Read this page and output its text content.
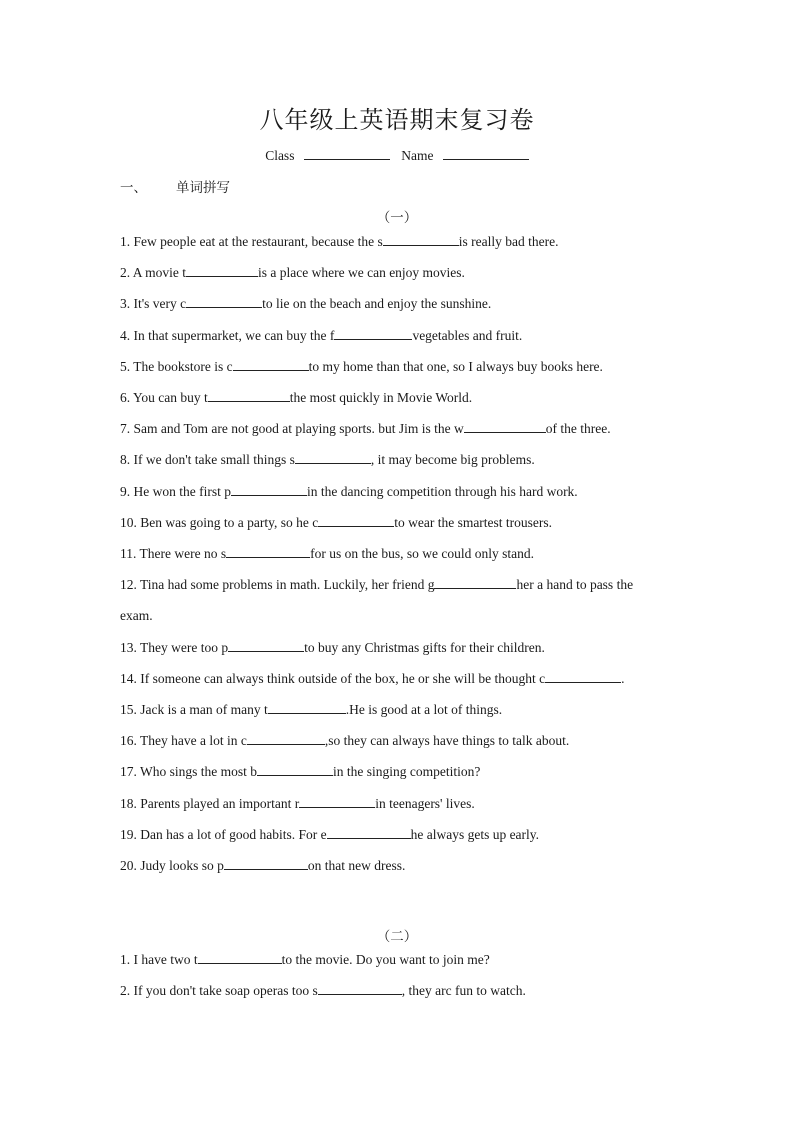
八年级上英语期末复习卷
Class	Name
一、 单词拼写
（一）
1. Few people eat at the restaurant, because the s	is really bad there.
2. A movie t	is a place where we can enjoy movies.
3. It's very c	to lie on the beach and enjoy the sunshine.
4. In that supermarket, we can buy the f	vegetables and fruit.
5. The bookstore is c	to my home than that one, so I always buy books here.
6. You can buy t	the most quickly in Movie World.
7. Sam and Tom are not good at playing sports. but Jim is the w	of the three.
8. If we don't take small things s	, it may become big problems.
9. He won the first p	in the dancing competition through his hard work.
10. Ben was going to a party, so he c	to wear the smartest trousers.
11. There were no s	for us on the bus, so we could only stand.
12. Tina had some problems in math. Luckily, her friend g	her a hand to pass the
exam.
13. They were too p	to buy any Christmas gifts for their children.
14. If someone can always think outside of the box, he or she will be thought c	.
15. Jack is a man of many t	.He is good at a lot of things.
16. They have a lot in c	,so they can always have things to talk about.
17. Who sings the most b	in the singing competition?
18. Parents played an important r	in teenagers' lives.
19. Dan has a lot of good habits. For e	he always gets up early.
20. Judy looks so p	on that new dress.
（二）
1. I have two t	to the movie. Do you want to join me?
2. If you don't take soap operas too s	, they arc fun to watch.
